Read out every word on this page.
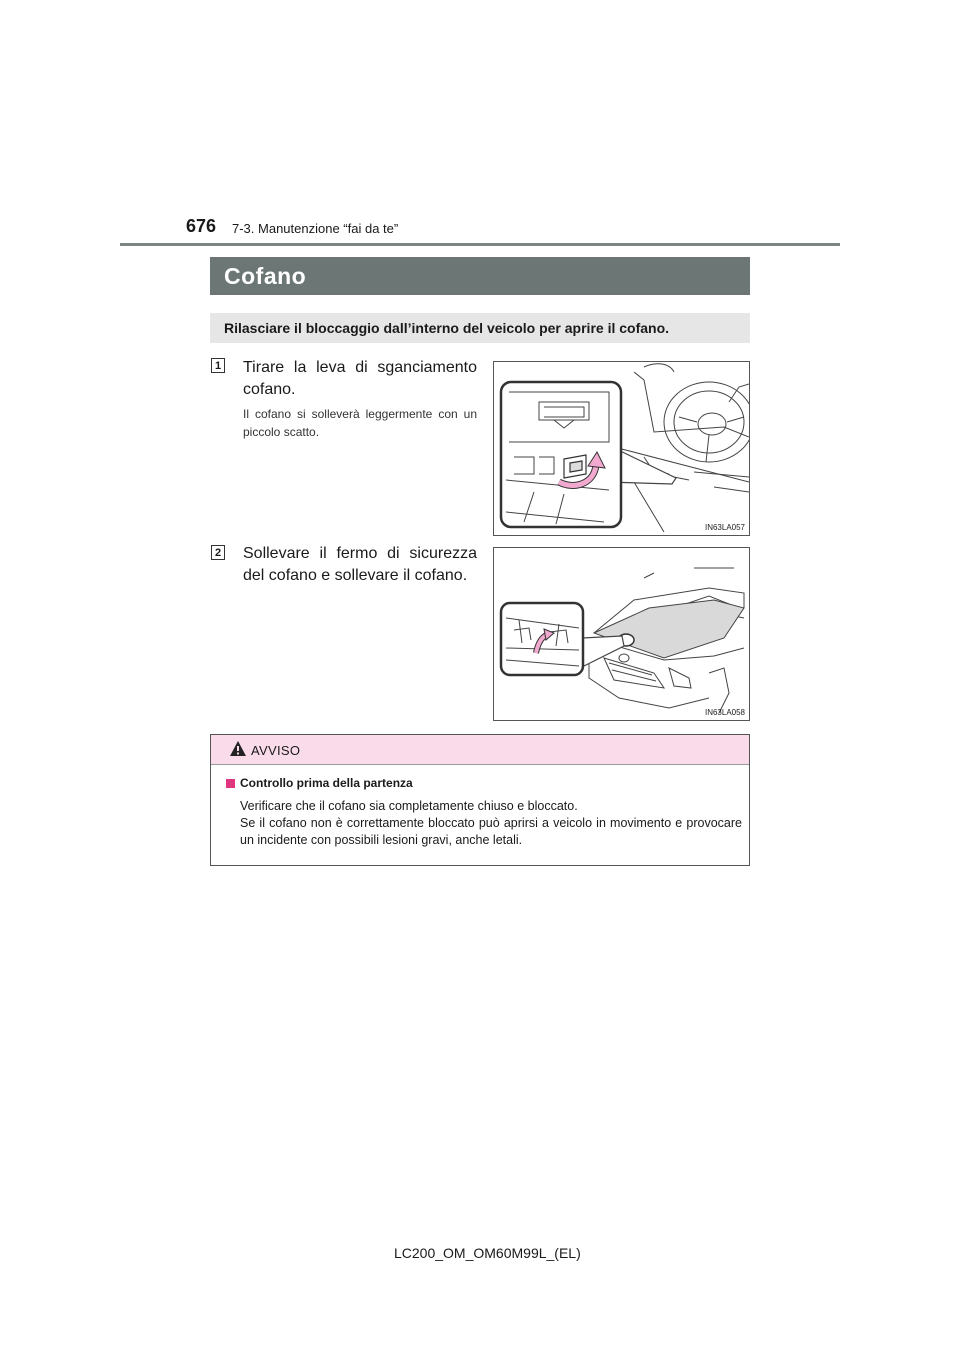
676 7-3. Manutenzione “fai da te”
Cofano
Rilasciare il bloccaggio dall’interno del veicolo per aprire il cofano.
1 Tirare la leva di sganciamento cofano.
Il cofano si solleverà leggermente con un piccolo scatto.
IN63LA057
2 Sollevare il fermo di sicurezza del cofano e sollevare il cofano.
IN63LA058
AVVISO
Controllo prima della partenza
Verificare che il cofano sia completamente chiuso e bloccato.
Se il cofano non è correttamente bloccato può aprirsi a veicolo in movimento e provocare un incidente con possibili lesioni gravi, anche letali.
LC200_OM_OM60M99L_(EL)
